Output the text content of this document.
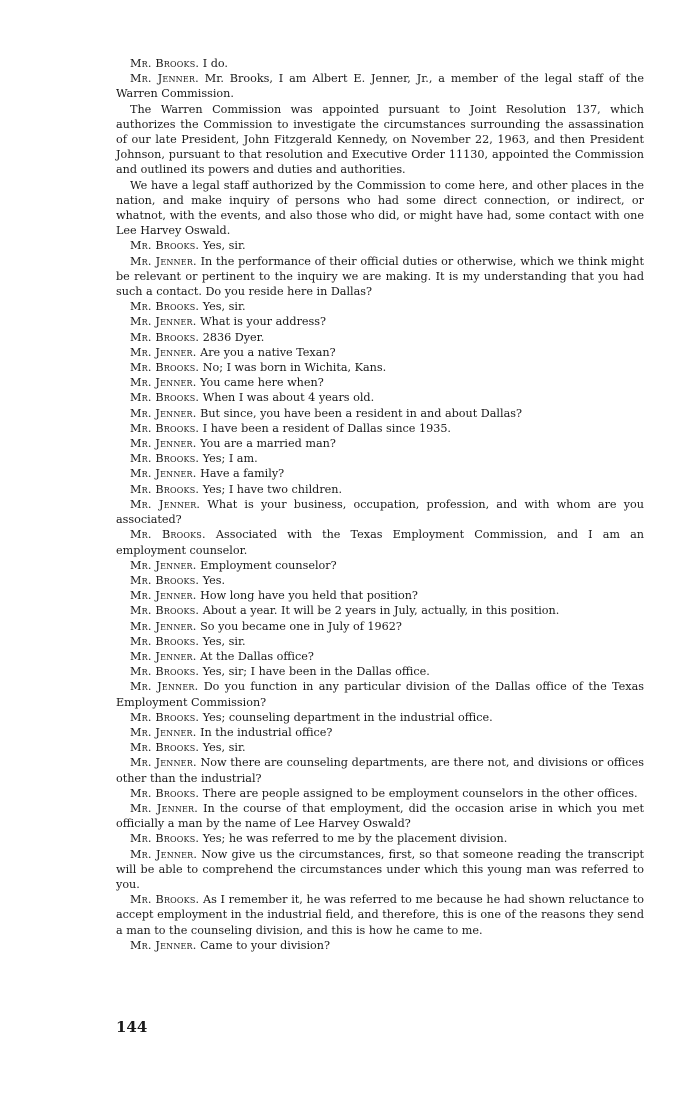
Mr. Brooks. I do.

Mr. Jenner. Mr. Brooks, I am Albert E. Jenner, Jr., a member of the legal staff of the Warren Commission.

The Warren Commission was appointed pursuant to Joint Resolution 137, which authorizes the Commission to investigate the circumstances surrounding the assassination of our late President, John Fitzgerald Kennedy, on November 22, 1963, and then President Johnson, pursuant to that resolution and Executive Order 11130, appointed the Commission and outlined its powers and duties and authorities.

We have a legal staff authorized by the Commission to come here, and other places in the nation, and make inquiry of persons who had some direct connection, or indirect, or whatnot, with the events, and also those who did, or might have had, some contact with one Lee Harvey Oswald.

Mr. Brooks. Yes, sir.

Mr. Jenner. In the performance of their official duties or otherwise, which we think might be relevant or pertinent to the inquiry we are making. It is my understanding that you had such a contact. Do you reside here in Dallas?

Mr. Brooks. Yes, sir.

Mr. Jenner. What is your address?

Mr. Brooks. 2836 Dyer.

Mr. Jenner. Are you a native Texan?

Mr. Brooks. No; I was born in Wichita, Kans.

Mr. Jenner. You came here when?

Mr. Brooks. When I was about 4 years old.

Mr. Jenner. But since, you have been a resident in and about Dallas?

Mr. Brooks. I have been a resident of Dallas since 1935.

Mr. Jenner. You are a married man?

Mr. Brooks. Yes; I am.

Mr. Jenner. Have a family?

Mr. Brooks. Yes; I have two children.

Mr. Jenner. What is your business, occupation, profession, and with whom are you associated?

Mr. Brooks. Associated with the Texas Employment Commission, and I am an employment counselor.

Mr. Jenner. Employment counselor?

Mr. Brooks. Yes.

Mr. Jenner. How long have you held that position?

Mr. Brooks. About a year. It will be 2 years in July, actually, in this position.

Mr. Jenner. So you became one in July of 1962?

Mr. Brooks. Yes, sir.

Mr. Jenner. At the Dallas office?

Mr. Brooks. Yes, sir; I have been in the Dallas office.

Mr. Jenner. Do you function in any particular division of the Dallas office of the Texas Employment Commission?

Mr. Brooks. Yes; counseling department in the industrial office.

Mr. Jenner. In the industrial office?

Mr. Brooks. Yes, sir.

Mr. Jenner. Now there are counseling departments, are there not, and divisions or offices other than the industrial?

Mr. Brooks. There are people assigned to be employment counselors in the other offices.

Mr. Jenner. In the course of that employment, did the occasion arise in which you met officially a man by the name of Lee Harvey Oswald?

Mr. Brooks. Yes; he was referred to me by the placement division.

Mr. Jenner. Now give us the circumstances, first, so that someone reading the transcript will be able to comprehend the circumstances under which this young man was referred to you.

Mr. Brooks. As I remember it, he was referred to me because he had shown reluctance to accept employment in the industrial field, and therefore, this is one of the reasons they send a man to the counseling division, and this is how he came to me.

Mr. Jenner. Came to your division?

144
